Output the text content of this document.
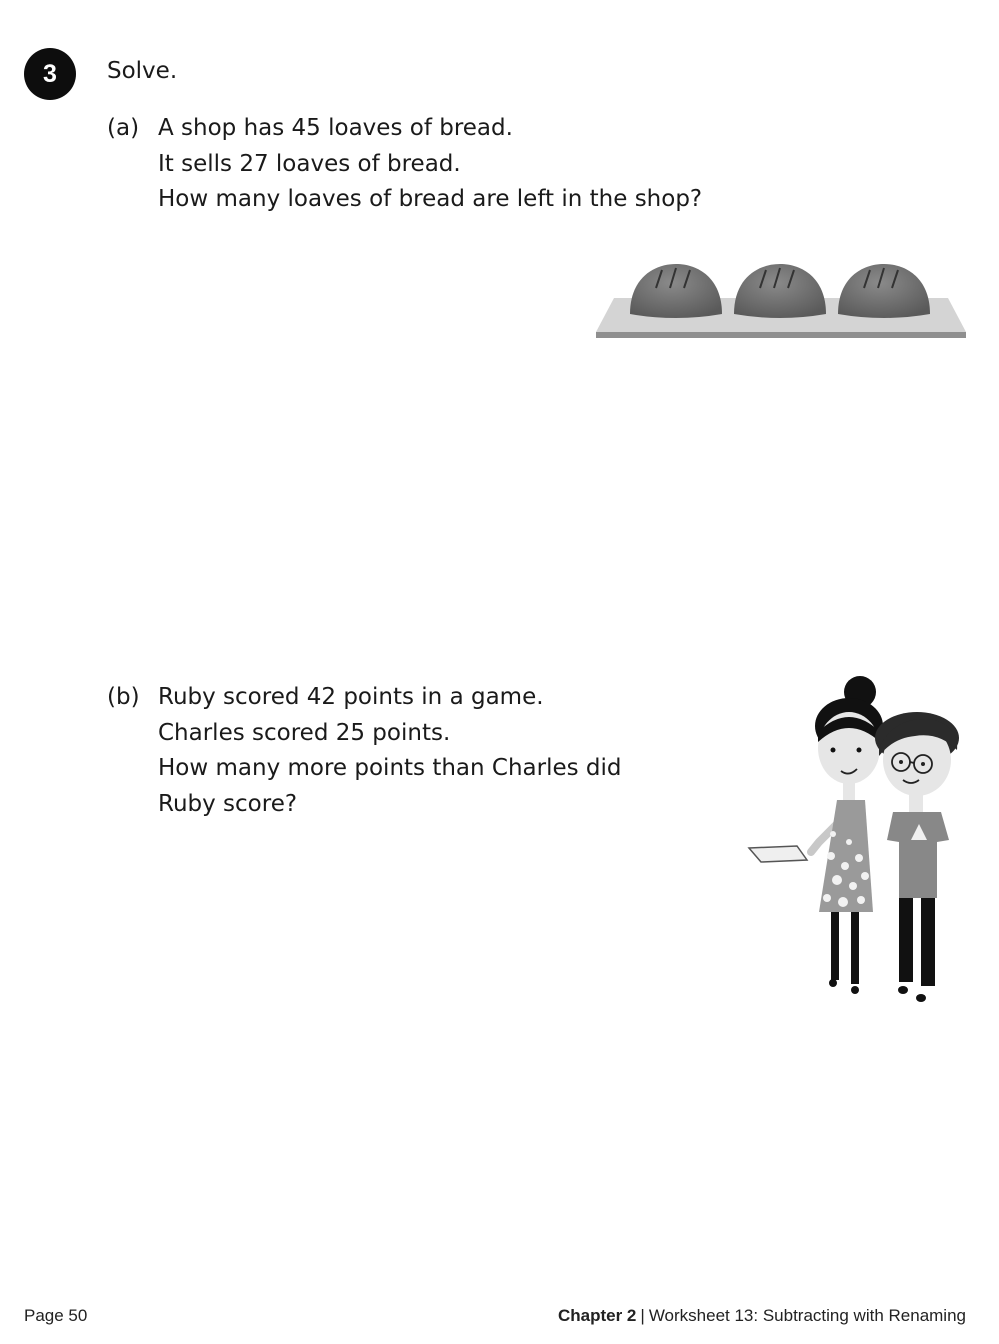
3	Solve.
(a) A shop has 45 loaves of bread.
It sells 27 loaves of bread.
How many loaves of bread are left in the shop?
(b) Ruby scored 42 points in a game.
Charles scored 25 points.
How many more points than Charles did
Ruby score?
Page 50	Chapter 2 | Worksheet 13: Subtracting with Renaming
